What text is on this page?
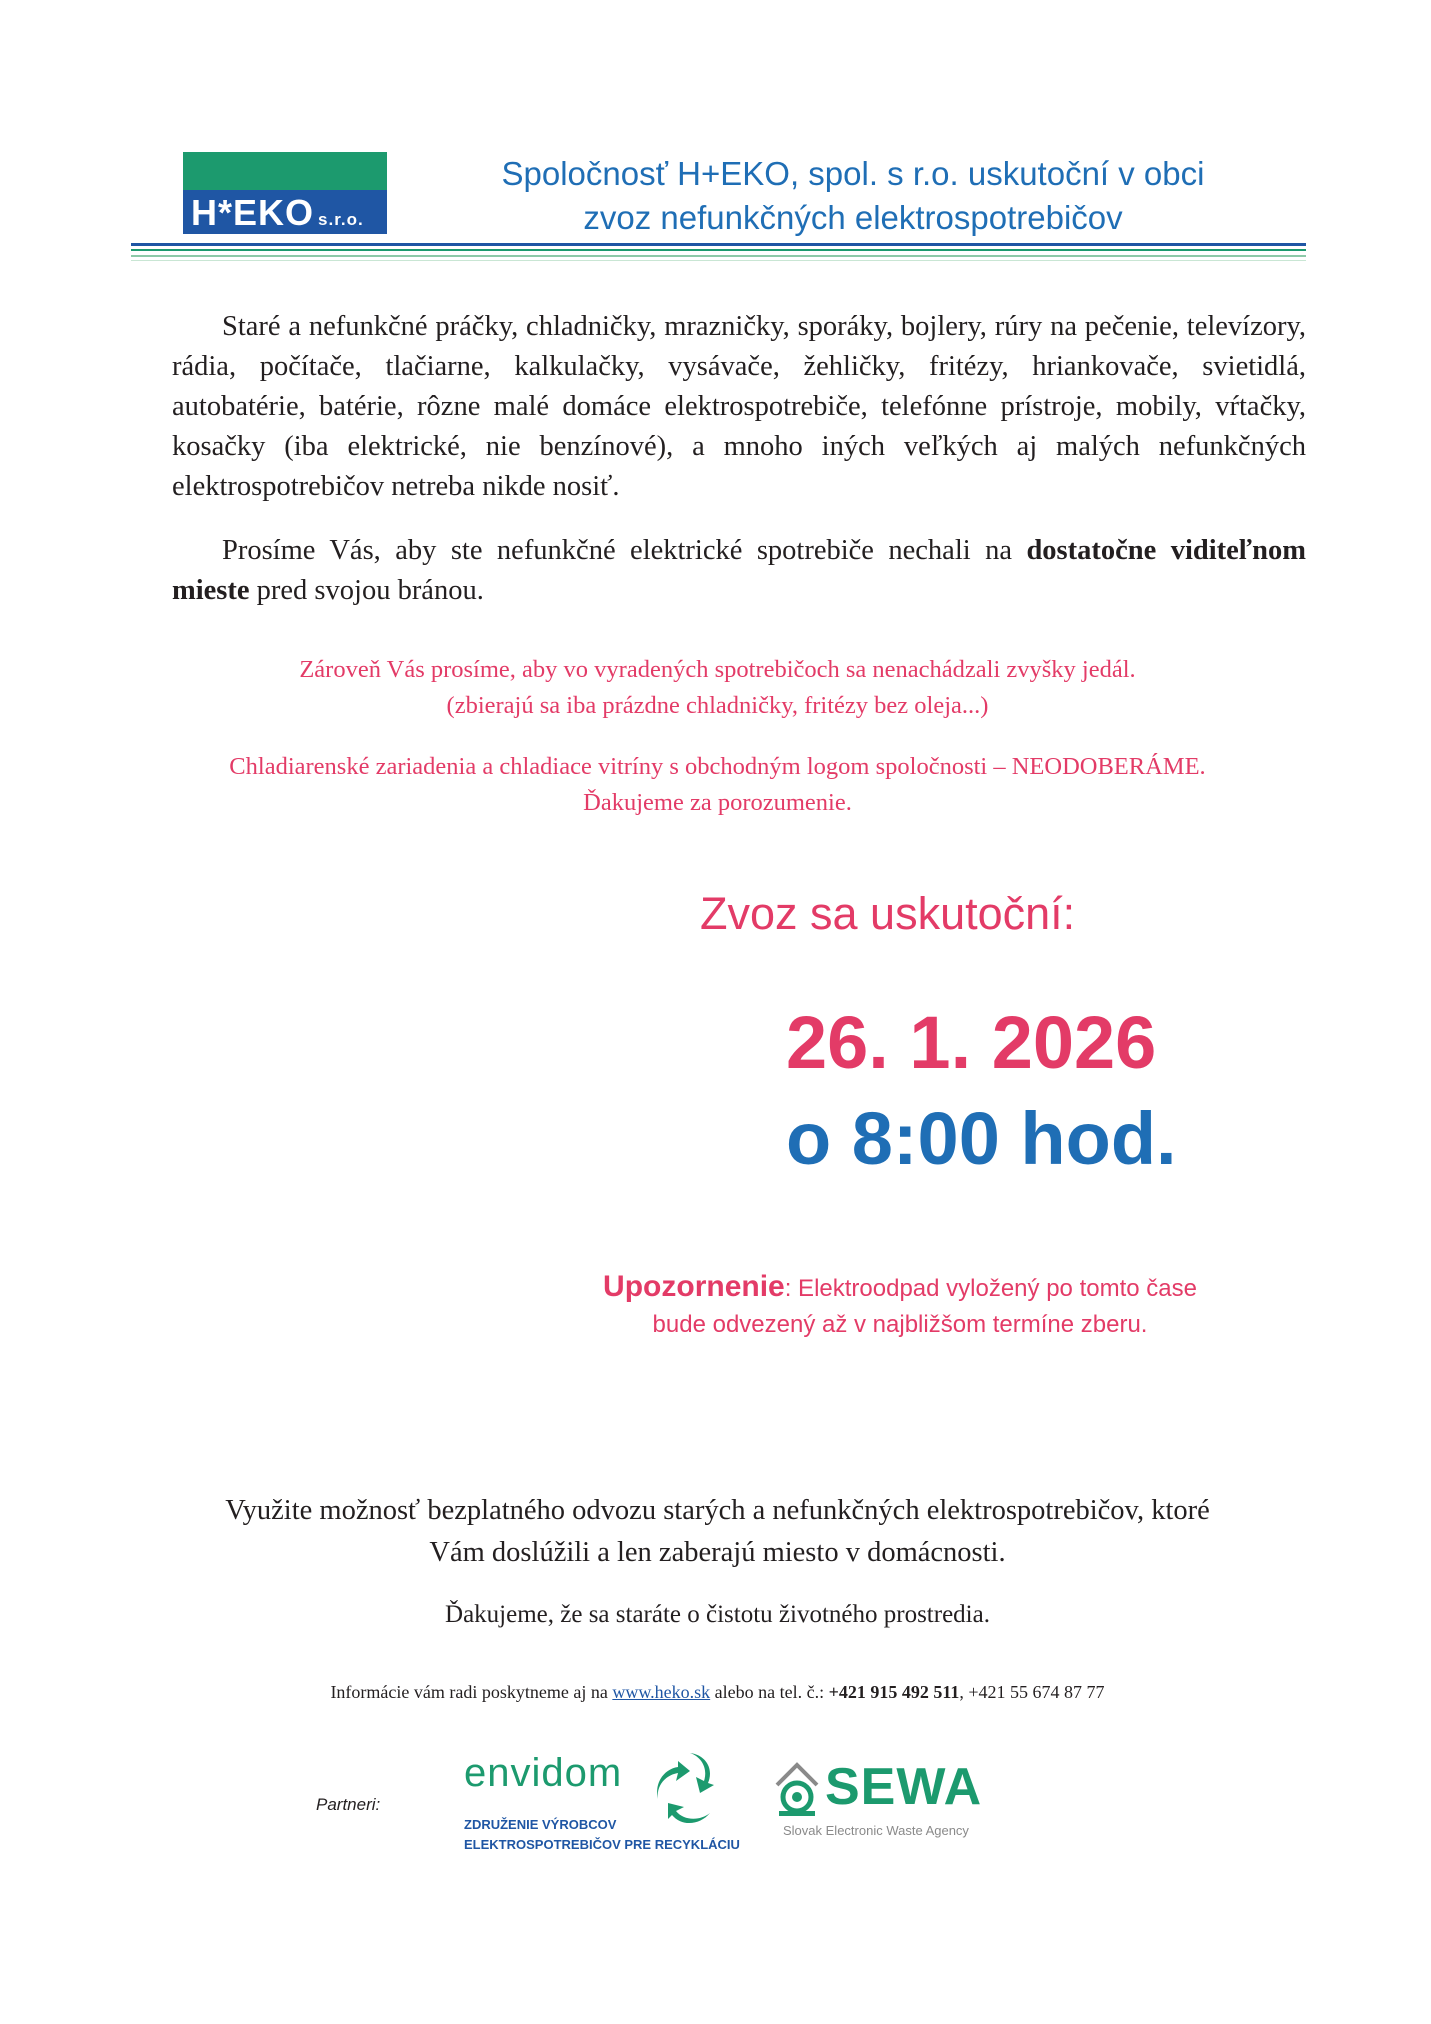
H*EKO s.r.o.
Spoločnosť H+EKO, spol. s r.o. uskutoční v obci
zvoz nefunkčných elektrospotrebičov
Staré a nefunkčné práčky, chladničky, mrazničky, sporáky, bojlery, rúry na pečenie, televízory, rádia, počítače, tlačiarne, kalkulačky, vysávače, žehličky, fritézy, hriankovače, svietidlá, autobatérie, batérie, rôzne malé domáce elektrospotrebiče, telefónne prístroje, mobily, vŕtačky, kosačky (iba elektrické, nie benzínové), a mnoho iných veľkých aj malých nefunkčných elektrospotrebičov netreba nikde nosiť.
Prosíme Vás, aby ste nefunkčné elektrické spotrebiče nechali na dostatočne viditeľnom mieste pred svojou bránou.
Zároveň Vás prosíme, aby vo vyradených spotrebičoch sa nenachádzali zvyšky jedál.
(zbierajú sa iba prázdne chladničky, fritézy bez oleja...)
Chladiarenské zariadenia a chladiace vitríny s obchodným logom spoločnosti – NEODOBERÁME.
Ďakujeme za porozumenie.
Zvoz sa uskutoční:
26. 1. 2026
o 8:00 hod.
Upozornenie: Elektroodpad vyložený po tomto čase
bude odvezený až v najbližšom termíne zberu.
Využite možnosť bezplatného odvozu starých a nefunkčných elektrospotrebičov, ktoré
Vám doslúžili a len zaberajú miesto v domácnosti.
Ďakujeme, že sa staráte o čistotu životného prostredia.
Informácie vám radi poskytneme aj na www.heko.sk alebo na tel. č.: +421 915 492 511, +421 55 674 87 77
Partneri:
envidom
ZDRUŽENIE VÝROBCOV
ELEKTROSPOTREBIČOV PRE RECYKLÁCIU
SEWA
Slovak Electronic Waste Agency
